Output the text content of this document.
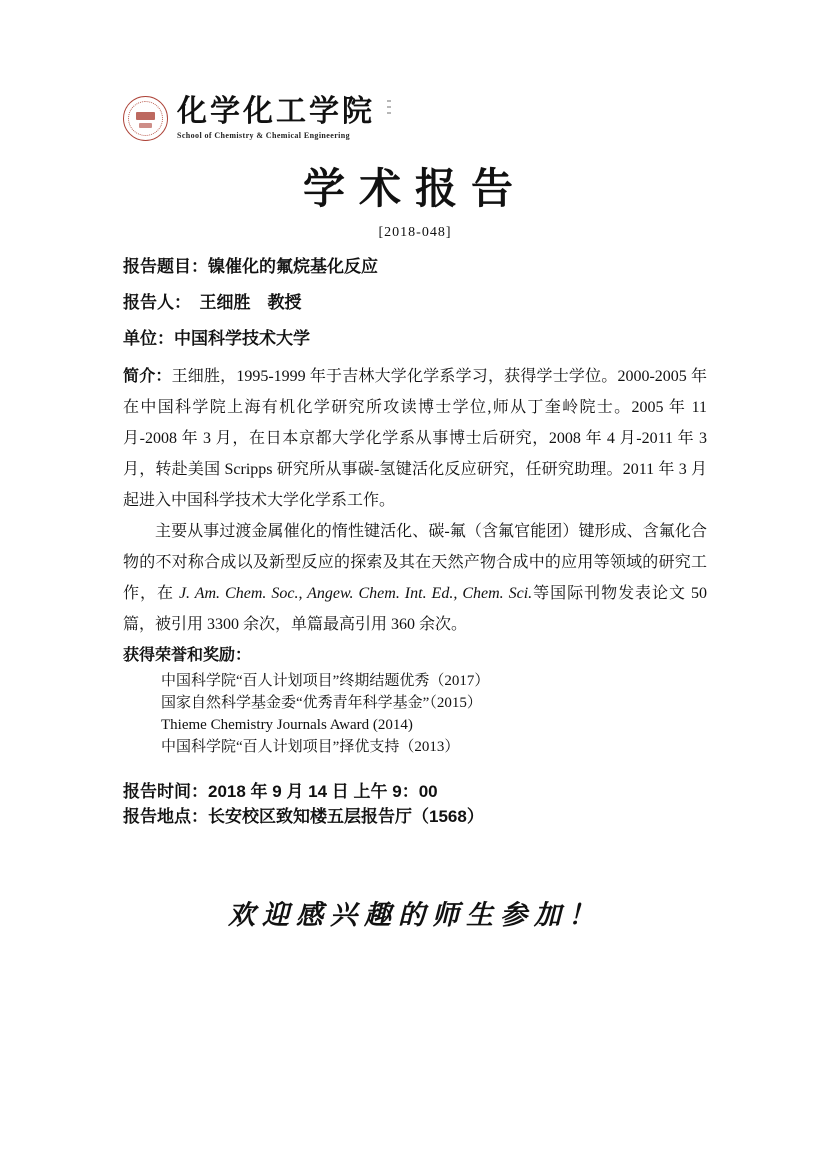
化学化工学院
School of Chemistry & Chemical Engineering
学术报告
[2018-048]
报告题目：镍催化的氟烷基化反应
报告人：　王细胜　教授
单位：中国科学技术大学

简介：王细胜，1995-1999 年于吉林大学化学系学习，获得学士学位。2000-2005 年在中国科学院上海有机化学研究所攻读博士学位,师从丁奎岭院士。2005 年 11 月-2008 年 3 月，在日本京都大学化学系从事博士后研究，2008 年 4 月-2011 年 3 月，转赴美国 Scripps 研究所从事碳-氢键活化反应研究，任研究助理。2011 年 3 月起进入中国科学技术大学化学系工作。

主要从事过渡金属催化的惰性键活化、碳-氟（含氟官能团）键形成、含氟化合物的不对称合成以及新型反应的探索及其在天然产物合成中的应用等领域的研究工作，在 J. Am. Chem. Soc., Angew. Chem. Int. Ed., Chem. Sci.等国际刊物发表论文 50 篇，被引用 3300 余次，单篇最高引用 360 余次。

获得荣誉和奖励：
中国科学院“百人计划项目”终期结题优秀（2017）
国家自然科学基金委“优秀青年科学基金”（2015）
Thieme Chemistry Journals Award (2014)
中国科学院“百人计划项目”择优支持（2013）
报告时间：2018 年 9 月 14 日 上午 9：00
报告地点：长安校区致知楼五层报告厅（1568）
欢迎感兴趣的师生参加！
